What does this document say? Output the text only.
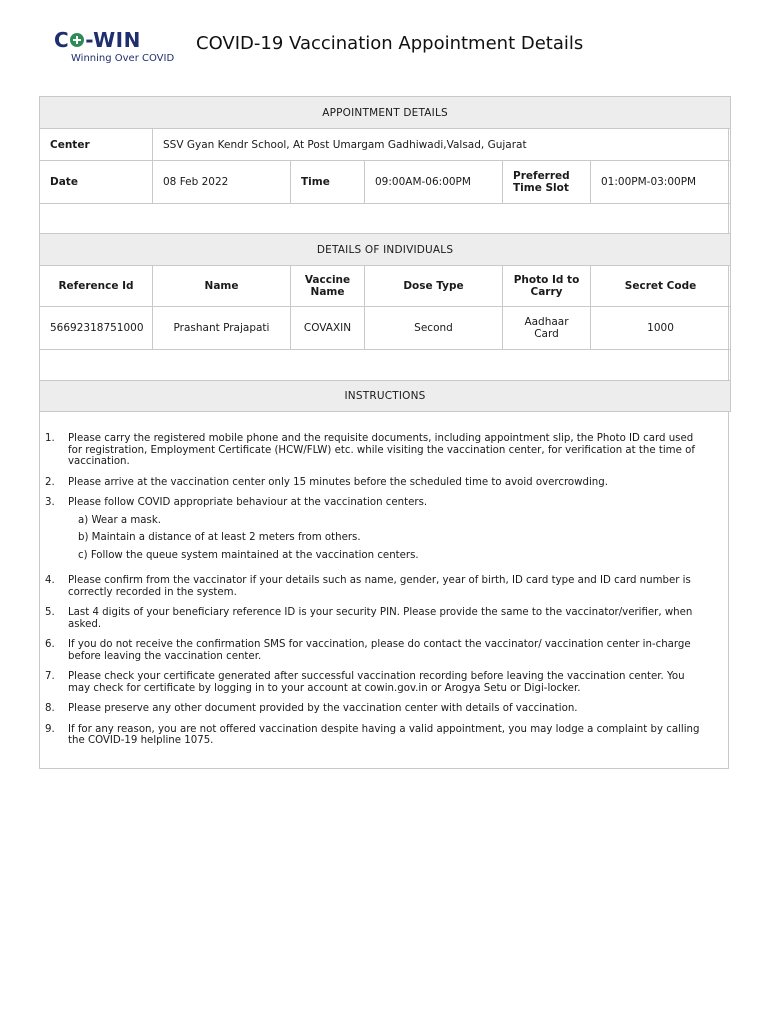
C -WIN
Winning Over COVID
COVID-19 Vaccination Appointment Details
APPOINTMENT DETAILS					
Center	SSV Gyan Kendr School, At Post Umargam Gadhiwadi,Valsad, Gujarat				
Date	08 Feb 2022	Time	09:00AM-06:00PM	Preferred Time Slot	01:00PM-03:00PM

DETAILS OF INDIVIDUALS					
Reference Id	Name	Vaccine Name	Dose Type	Photo Id to Carry	Secret Code
56692318751000	Prashant Prajapati	COVAXIN	Second	Aadhaar Card	1000

INSTRUCTIONS					
1. Please carry the registered mobile phone and the requisite documents, including appointment slip, the Photo ID card used for registration, Employment Certificate (HCW/FLW) etc. while visiting the vaccination center, for verification at the time of vaccination.
2. Please arrive at the vaccination center only 15 minutes before the scheduled time to avoid overcrowding.
3. Please follow COVID appropriate behaviour at the vaccination centers.
a) Wear a mask.
b) Maintain a distance of at least 2 meters from others.
c) Follow the queue system maintained at the vaccination centers.
4. Please confirm from the vaccinator if your details such as name, gender, year of birth, ID card type and ID card number is correctly recorded in the system.
5. Last 4 digits of your beneficiary reference ID is your security PIN. Please provide the same to the vaccinator/verifier, when asked.
6. If you do not receive the confirmation SMS for vaccination, please do contact the vaccinator/ vaccination center in-charge before leaving the vaccination center.
7. Please check your certificate generated after successful vaccination recording before leaving the vaccination center. You may check for certificate by logging in to your account at cowin.gov.in or Arogya Setu or Digi-locker.
8. Please preserve any other document provided by the vaccination center with details of vaccination.
9. If for any reason, you are not offered vaccination despite having a valid appointment, you may lodge a complaint by calling the COVID-19 helpline 1075.
